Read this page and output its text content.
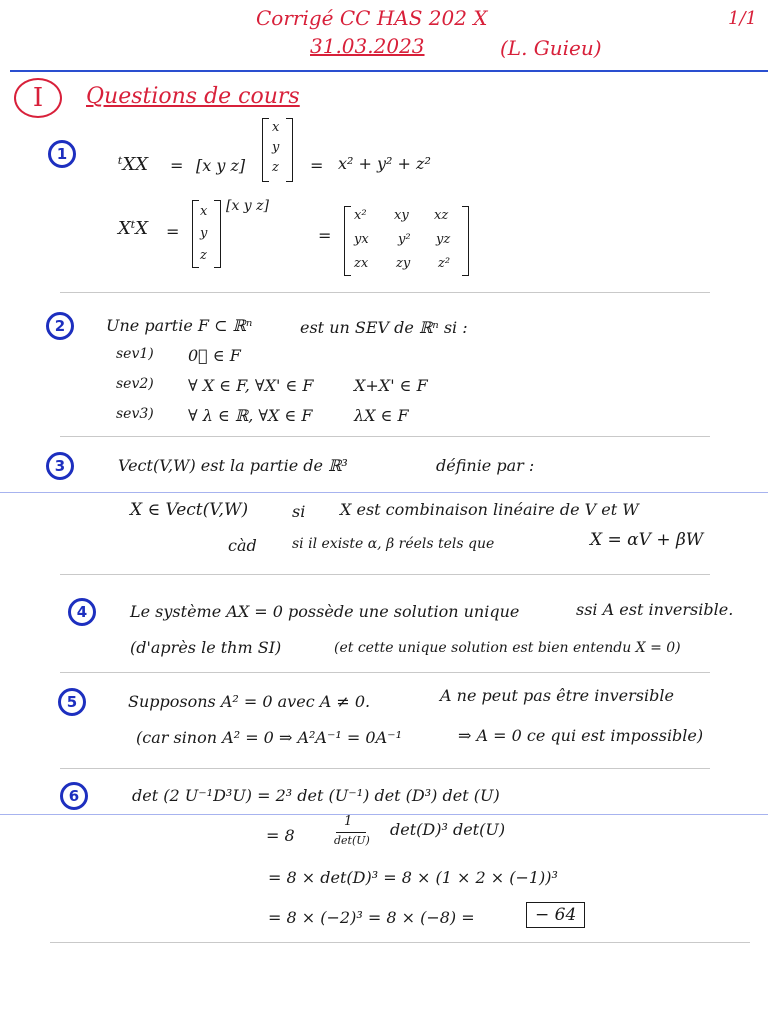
Corrigé CC HAS 202 X
31.03.2023	(L. Guieu)
1/1
I	Questions de cours
1	ᵗXX = [x y z]
x
y
z = x² + y² + z²
XᵗX =
x
y
z
[x y z]
=
x² xy xz
yx y² yz
zx zy z²
2	Une partie F ⊂ ℝⁿ	est un SEV de ℝⁿ si :
sev1) 0⃗ ∈ F
sev2) ∀ X ∈ F, ∀X' ∈ F	X+X' ∈ F
sev3) ∀ λ ∈ ℝ, ∀X ∈ F	λX ∈ F
3	Vect(V,W) est la partie de ℝ³	définie par :
X ∈ Vect(V,W)	si X est combinaison linéaire de V et W
càd	si il existe α, β réels tels que	X = αV + βW
4	Le système AX = 0 possède une solution unique	ssi A est inversible.
(d'après le thm SI)	(et cette unique solution est bien entendu X = 0)
5	Supposons A² = 0 avec A ≠ 0.	A ne peut pas être inversible
(car sinon A² = 0 ⇒ A²A⁻¹ = 0A⁻¹	⇒ A = 0 ce qui est impossible)
6	det (2 U⁻¹D³U) = 2³ det (U⁻¹) det (D³) det (U)
= 8
1
det(U)
det(D)³ det(U)
= 8 × det(D)³ = 8 × (1 × 2 × (−1))³
= 8 × (−2)³ = 8 × (−8) =	− 64
